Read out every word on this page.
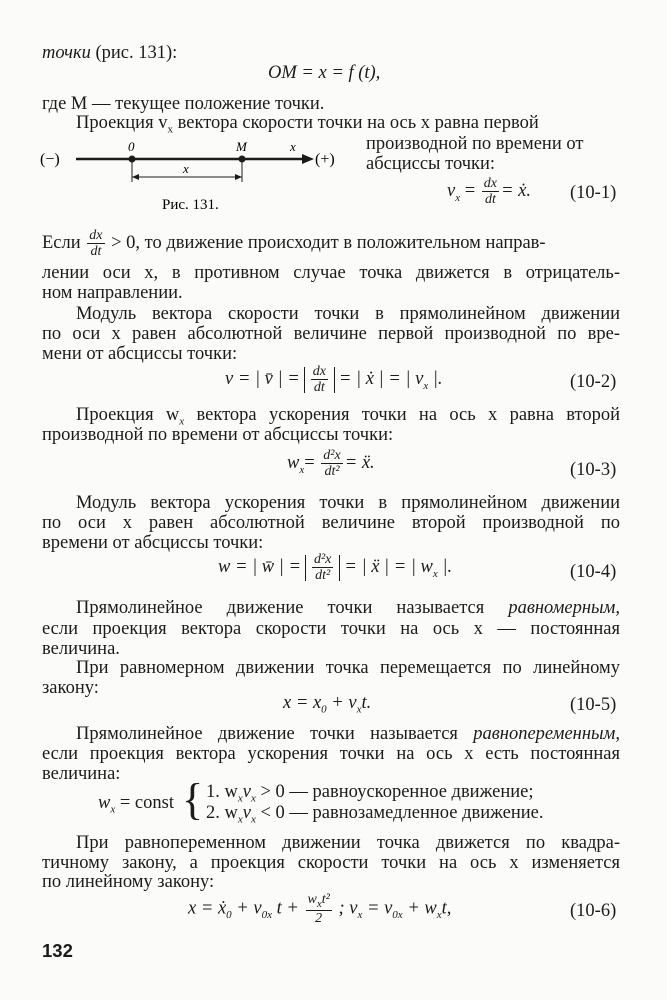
точки (рис. 131):
OM = x = f (t),
где M — текущее положение точки.
Проекция $v_x$ вектора скорости точки на ось x равна первой
производной по времени от
абсцисcы точки:
(−)
0	M	x
(+)
x
Рис. 131.
$v_x = \frac{dx}{dt}$ = ẋ. (10-1)
Если $\frac{dx}{dt} > 0$, то движение происходит в положительном направ-
лении оси x, в противном случае точка движется в отрицатель-
ном направлении.
Модуль вектора скорости точки в прямолинейном движении
по оси x равен абсолютной величине первой производной по вре-
мени от абсциссы точки:
v = | v̄ | = $\frac{dx}{dt}$ = | ẋ | = | $v_x$ |.	(10-2)
Проекция $w_x$ вектора ускорения точки на ось x равна второй
производной по времени от абсциссы точки:
$w_x= \frac{\text{d²x}}{\text{dt²}}$ = ẍ.	(10-3)
Модуль вектора ускорения точки в прямолинейном движении
по оси x равен абсолютной величине второй производной по
времени от абсциссы точки:
w = | w̄ | = $\frac{\text{d²x}}{\text{dt²}}$ = | ẍ | = | $w_x$ |.	(10-4)
Прямолинейное движение точки называется равномерным,
если проекция вектора скорости точки на ось x — постоянная
величина.
При равномерном движении точка перемещается по линейному
закону:
$x = x_0 + v_xt$.	(10-5)
Прямолинейное движение точки называется равнопеременным,
если проекция вектора ускорения точки на ось x есть постоянная
величина:
$w_x$ = const { 1. $w_xv_x > 0$ — равноускоренное движение;
2. $w_xv_x < 0$ — равнозамедленное движение.
При равнопеременном движении точка движется по квадра-
тичному закону, а проекция скорости точки на ось x изменяется
по линейному закону:
x = ẋ$_0$ + $v_{0x}$ $t + \frac{w_xt^2}{2}$ ; $v_x = v_{0x} + w_xt$,	(10-6)
132
